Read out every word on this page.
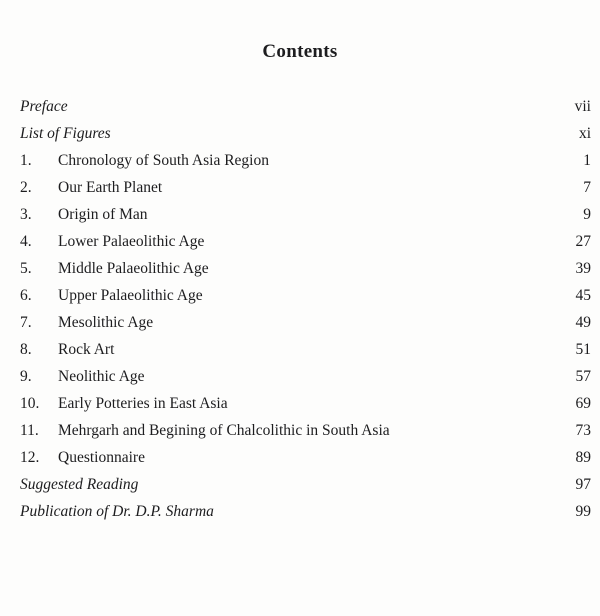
Contents
Preface	vii
List of Figures	xi
1.	Chronology of South Asia Region	1
2.	Our Earth Planet	7
3.	Origin of Man	9
4.	Lower Palaeolithic Age	27
5.	Middle Palaeolithic Age	39
6.	Upper Palaeolithic Age	45
7.	Mesolithic Age	49
8.	Rock Art	51
9.	Neolithic Age	57
10.	Early Potteries in East Asia	69
11.	Mehrgarh and Begining of Chalcolithic in South Asia	73
12.	Questionnaire	89
Suggested Reading	97
Publication of Dr. D.P. Sharma	99
